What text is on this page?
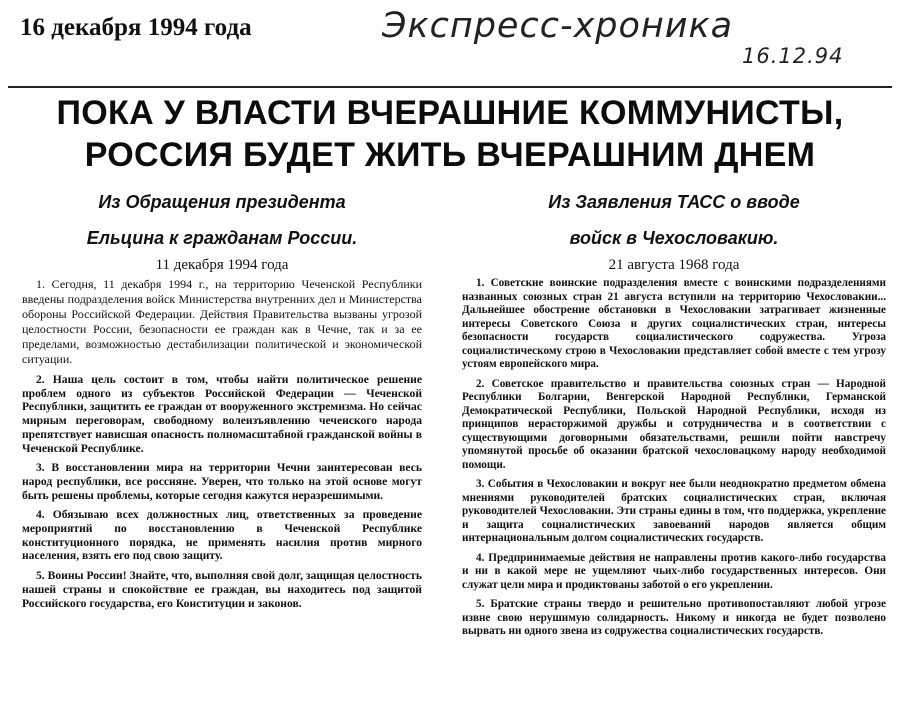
16 декабря 1994 года	Экспресс-хроника
16.12.94
ПОКА У ВЛАСТИ ВЧЕРАШНИЕ КОММУНИСТЫ,
РОССИЯ БУДЕТ ЖИТЬ ВЧЕРАШНИМ ДНЕМ
Из Обращения президента
Ельцина к гражданам России.
11 декабря 1994 года

1. Сегодня, 11 декабря 1994 г., на территорию Чеченской Республики введены подразделения войск Министерства внутренних дел и Министерства обороны Российской Федерации. Действия Правительства вызваны угрозой целостности России, безопасности ее граждан как в Чечне, так и за ее пределами, возможностью дестабилизации политической и экономической ситуации.

2. Наша цель состоит в том, чтобы найти политическое решение проблем одного из субъектов Российской Федерации — Чеченской Республики, защитить ее граждан от вооруженного экстремизма. Но сейчас мирным переговорам, свободному волеизъявлению чеченского народа препятствует нависшая опасность полномасштабной гражданской войны в Чеченской Республике.

3. В восстановлении мира на территории Чечни заинтересован весь народ республики, все россияне. Уверен, что только на этой основе могут быть решены проблемы, которые сегодня кажутся неразрешимыми.

4. Обязываю всех должностных лиц, ответственных за проведение мероприятий по восстановлению в Чеченской Республике конституционного порядка, не применять насилия против мирного населения, взять его под свою защиту.

5. Воины России! Знайте, что, выполняя свой долг, защищая целостность нашей страны и спокойствие ее граждан, вы находитесь под защитой Российского государства, его Конституции и законов.

Из Заявления ТАСС о вводе
войск в Чехословакию.
21 августа 1968 года

1. Советские воинские подразделения вместе с воинскими подразделениями названных союзных стран 21 августа вступили на территорию Чехословакии... Дальнейшее обострение обстановки в Чехословакии затрагивает жизненные интересы Советского Союза и других социалистических стран, интересы безопасности государств социалистического содружества. Угроза социалистическому строю в Чехословакии представляет собой вместе с тем угрозу устоям европейского мира.

2. Советское правительство и правительства союзных стран — Народной Республики Болгарии, Венгерской Народной Республики, Германской Демократической Республики, Польской Народной Республики, исходя из принципов нерасторжимой дружбы и сотрудничества и в соответствии с существующими договорными обязательствами, решили пойти навстречу упомянутой просьбе об оказании братской чехословацкому народу необходимой помощи.

3. События в Чехословакии и вокруг нее были неоднократно предметом обмена мнениями руководителей братских социалистических стран, включая руководителей Чехословакии. Эти страны едины в том, что поддержка, укрепление и защита социалистических завоеваний народов является общим интернациональным долгом социалистических государств.

4. Предпринимаемые действия не направлены против какого-либо государства и ни в какой мере не ущемляют чьих-либо государственных интересов. Они служат цели мира и продиктованы заботой о его укреплении.

5. Братские страны твердо и решительно противопоставляют любой угрозе извне свою нерушимую солидарность. Никому и никогда не будет позволено вырвать ни одного звена из содружества социалистических государств.
